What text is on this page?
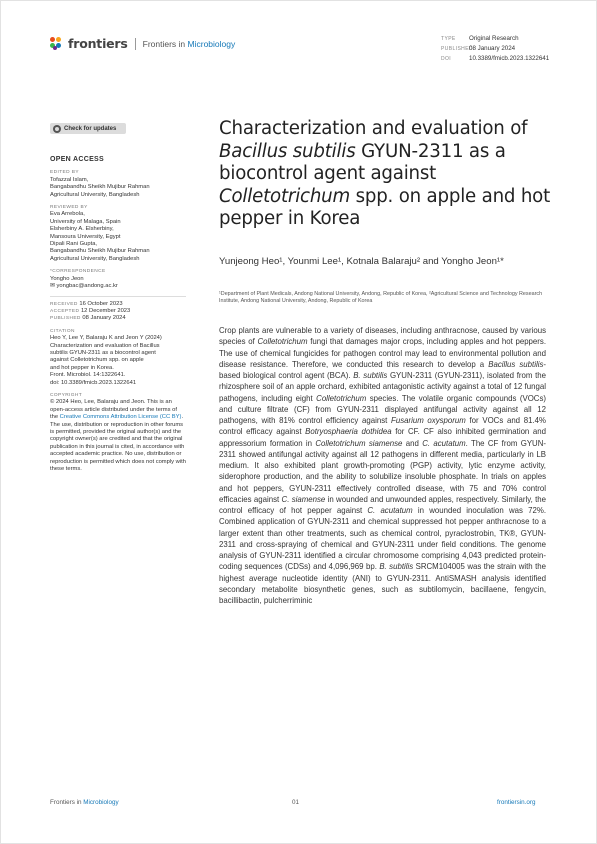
frontiers Frontiers in Microbiology	TYPE Original Research
PUBLISHED08 January 2024
DOI	10.3389/fmicb.2023.1322641
Check for updates
OPEN ACCESS
EDITED BY
Tofazzal Islam,
Bangabandhu Sheikh Mujibur Rahman
Agricultural University, Bangladesh
REVIEWED BY
Eva Arrebola,
University of Malaga, Spain
Elsherbiny A. Elsherbiny,
Mansoura University, Egypt
Dipali Rani Gupta,
Bangabandhu Sheikh Mujibur Rahman
Agricultural University, Bangladesh
*CORRESPONDENCE
Yongho Jeon
✉ yongbac@andong.ac.kr
RECEIVED 16 October 2023
ACCEPTED 12 December 2023
PUBLISHED 08 January 2024
CITATION
Heo Y, Lee Y, Balaraju K and Jeon Y (2024)
Characterization and evaluation of Bacillus
subtilis GYUN-2311 as a biocontrol agent
against Colletotrichum spp. on apple
and hot pepper in Korea.
Front. Microbiol. 14:1322641.
doi: 10.3389/fmicb.2023.1322641
COPYRIGHT
© 2024 Heo, Lee, Balaraju and Jeon. This is an open-access article distributed under the terms of the Creative Commons Attribution License (CC BY). The use, distribution or reproduction in other forums is permitted, provided the original author(s) and the copyright owner(s) are credited and that the original publication in this journal is cited, in accordance with accepted academic practice. No use, distribution or reproduction is permitted which does not comply with these terms.
Characterization and evaluation of Bacillus subtilis GYUN-2311 as a biocontrol agent against Colletotrichum spp. on apple and hot pepper in Korea
Yunjeong Heo¹, Younmi Lee¹, Kotnala Balaraju² and Yongho Jeon¹*
¹Department of Plant Medicals, Andong National University, Andong, Republic of Korea, ²Agricultural Science and Technology Research Institute, Andong National University, Andong, Republic of Korea

Crop plants are vulnerable to a variety of diseases, including anthracnose, caused by various species of Colletotrichum fungi that damages major crops, including apples and hot peppers. The use of chemical fungicides for pathogen control may lead to environmental pollution and disease resistance. Therefore, we conducted this research to develop a Bacillus subtilis-based biological control agent (BCA). B. subtilis GYUN-2311 (GYUN-2311), isolated from the rhizosphere soil of an apple orchard, exhibited antagonistic activity against a total of 12 fungal pathogens, including eight Colletotrichum species. The volatile organic compounds (VOCs) and culture filtrate (CF) from GYUN-2311 displayed antifungal activity against all 12 pathogens, with 81% control efficiency against Fusarium oxysporum for VOCs and 81.4% control efficacy against Botryosphaeria dothidea for CF. CF also inhibited germination and appressorium formation in Colletotrichum siamense and C. acutatum. The CF from GYUN-2311 showed antifungal activity against all 12 pathogens in different media, particularly in LB medium. It also exhibited plant growth-promoting (PGP) activity, lytic enzyme activity, siderophore production, and the ability to solubilize insoluble phosphate. In trials on apples and hot peppers, GYUN-2311 effectively controlled disease, with 75 and 70% control efficacies against C. siamense in wounded and unwounded apples, respectively. Similarly, the control efficacy of hot pepper against C. acutatum in wounded inoculation was 72%. Combined application of GYUN-2311 and chemical suppressed hot pepper anthracnose to a larger extent than other treatments, such as chemical control, pyraclostrobin, TK®, GYUN-2311 and cross-spraying of chemical and GYUN-2311 under field conditions. The genome analysis of GYUN-2311 identified a circular chromosome comprising 4,043 predicted protein-coding sequences (CDSs) and 4,096,969 bp. B. subtilis SRCM104005 was the strain with the highest average nucleotide identity (ANI) to GYUN-2311. AntiSMASH analysis identified secondary metabolite biosynthetic genes, such as subtilomycin, bacillaene, fengycin, bacillibactin, pulcherriminic

Frontiers in Microbiology	01	frontiersin.org
